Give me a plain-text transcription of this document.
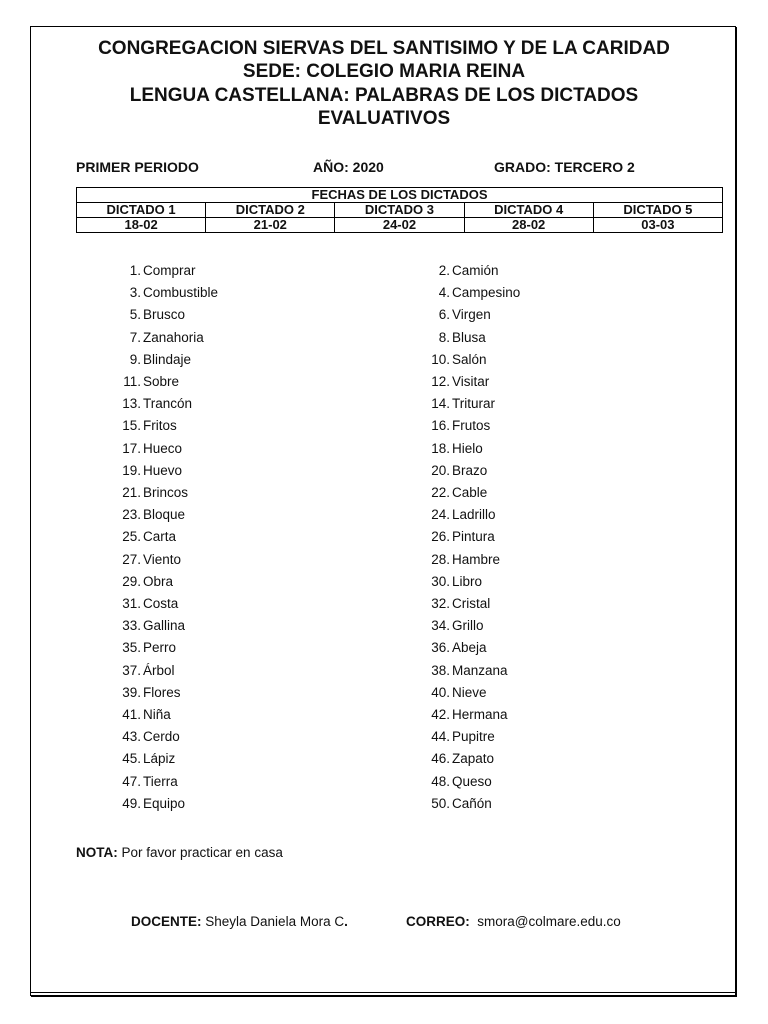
CONGREGACION SIERVAS DEL SANTISIMO Y DE LA CARIDAD
SEDE: COLEGIO MARIA REINA
LENGUA CASTELLANA: PALABRAS DE LOS DICTADOS
EVALUATIVOS
PRIMER PERIODO	AÑO: 2020	GRADO: TERCERO 2
FECHAS DE LOS DICTADOS				
DICTADO 1	DICTADO 2	DICTADO 3	DICTADO 4	DICTADO 5
18-02	21-02	24-02	28-02	03-03
1. Comprar	2. Camión
3. Combustible	4. Campesino
5. Brusco	6. Virgen
7. Zanahoria	8. Blusa
9. Blindaje	10. Salón
11. Sobre	12. Visitar
13. Trancón	14. Triturar
15. Fritos	16. Frutos
17. Hueco	18. Hielo
19. Huevo	20. Brazo
21. Brincos	22. Cable
23. Bloque	24. Ladrillo
25. Carta	26. Pintura
27. Viento	28. Hambre
29. Obra	30. Libro
31. Costa	32. Cristal
33. Gallina	34. Grillo
35. Perro	36. Abeja
37. Árbol	38. Manzana
39. Flores	40. Nieve
41. Niña	42. Hermana
43. Cerdo	44. Pupitre
45. Lápiz	46. Zapato
47. Tierra	48. Queso
49. Equipo	50. Cañón
NOTA: Por favor practicar en casa
DOCENTE: Sheyla Daniela Mora C.	CORREO: smora@colmare.edu.co
